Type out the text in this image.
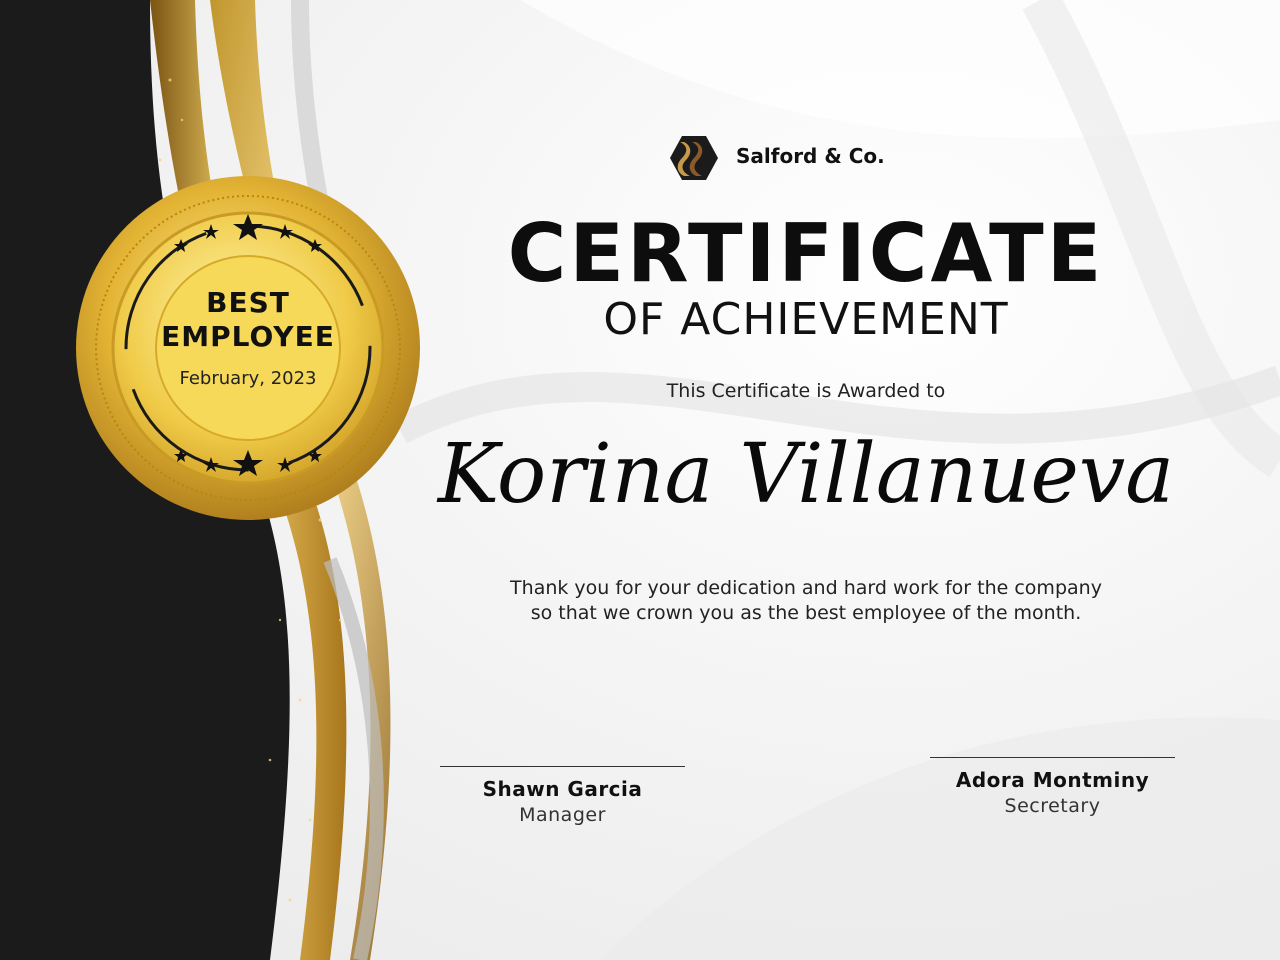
BEST
EMPLOYEE
February, 2023
Salford & Co.
CERTIFICATE
OF ACHIEVEMENT
This Certificate is Awarded to
Korina Villanueva
Thank you for your dedication and hard work for the company
so that we crown you as the best employee of the month.
Shawn Garcia
Manager
Adora Montminy
Secretary
